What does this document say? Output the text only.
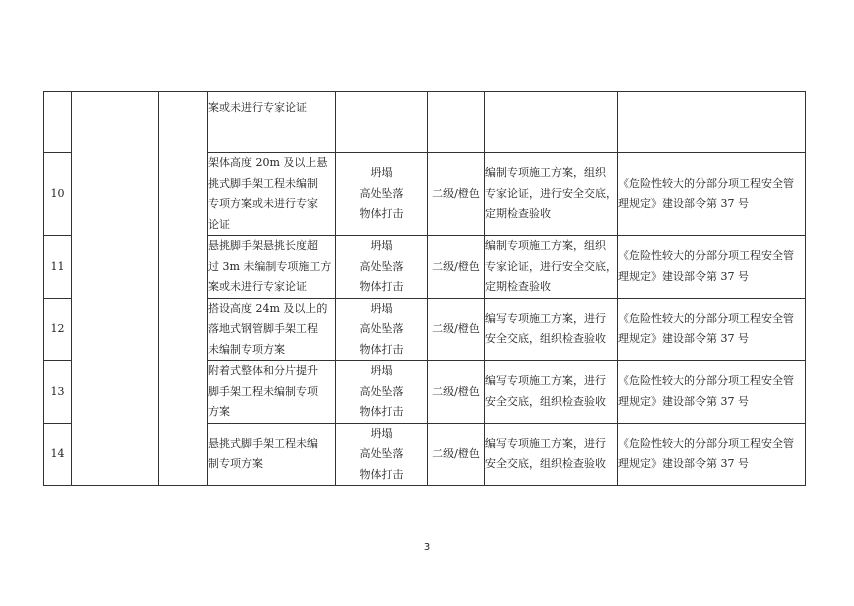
			案或未进行专家论证				

10			架体高度 20m 及以上悬
挑式脚手架工程未编制
专项方案或未进行专家
论证	坍塌
高处坠落
物体打击	二级/橙色	编制专项施工方案，组织
专家论证，进行安全交底，
定期检查验收	《危险性较大的分部分项工程安全管
理规定》建设部令第 37 号

11			悬挑脚手架悬挑长度超
过 3m 未编制专项施工方
案或未进行专家论证	坍塌
高处坠落
物体打击	二级/橙色	编制专项施工方案，组织
专家论证，进行安全交底，
定期检查验收	《危险性较大的分部分项工程安全管
理规定》建设部令第 37 号

12			搭设高度 24m 及以上的
落地式钢管脚手架工程
未编制专项方案	坍塌
高处坠落
物体打击	二级/橙色	编写专项施工方案，进行
安全交底，组织检查验收	《危险性较大的分部分项工程安全管
理规定》建设部令第 37 号

13			附着式整体和分片提升
脚手架工程未编制专项
方案	坍塌
高处坠落
物体打击	二级/橙色	编写专项施工方案，进行
安全交底，组织检查验收	《危险性较大的分部分项工程安全管
理规定》建设部令第 37 号

14			悬挑式脚手架工程未编
制专项方案	坍塌
高处坠落
物体打击	二级/橙色	编写专项施工方案，进行
安全交底，组织检查验收	《危险性较大的分部分项工程安全管
理规定》建设部令第 37 号
3
